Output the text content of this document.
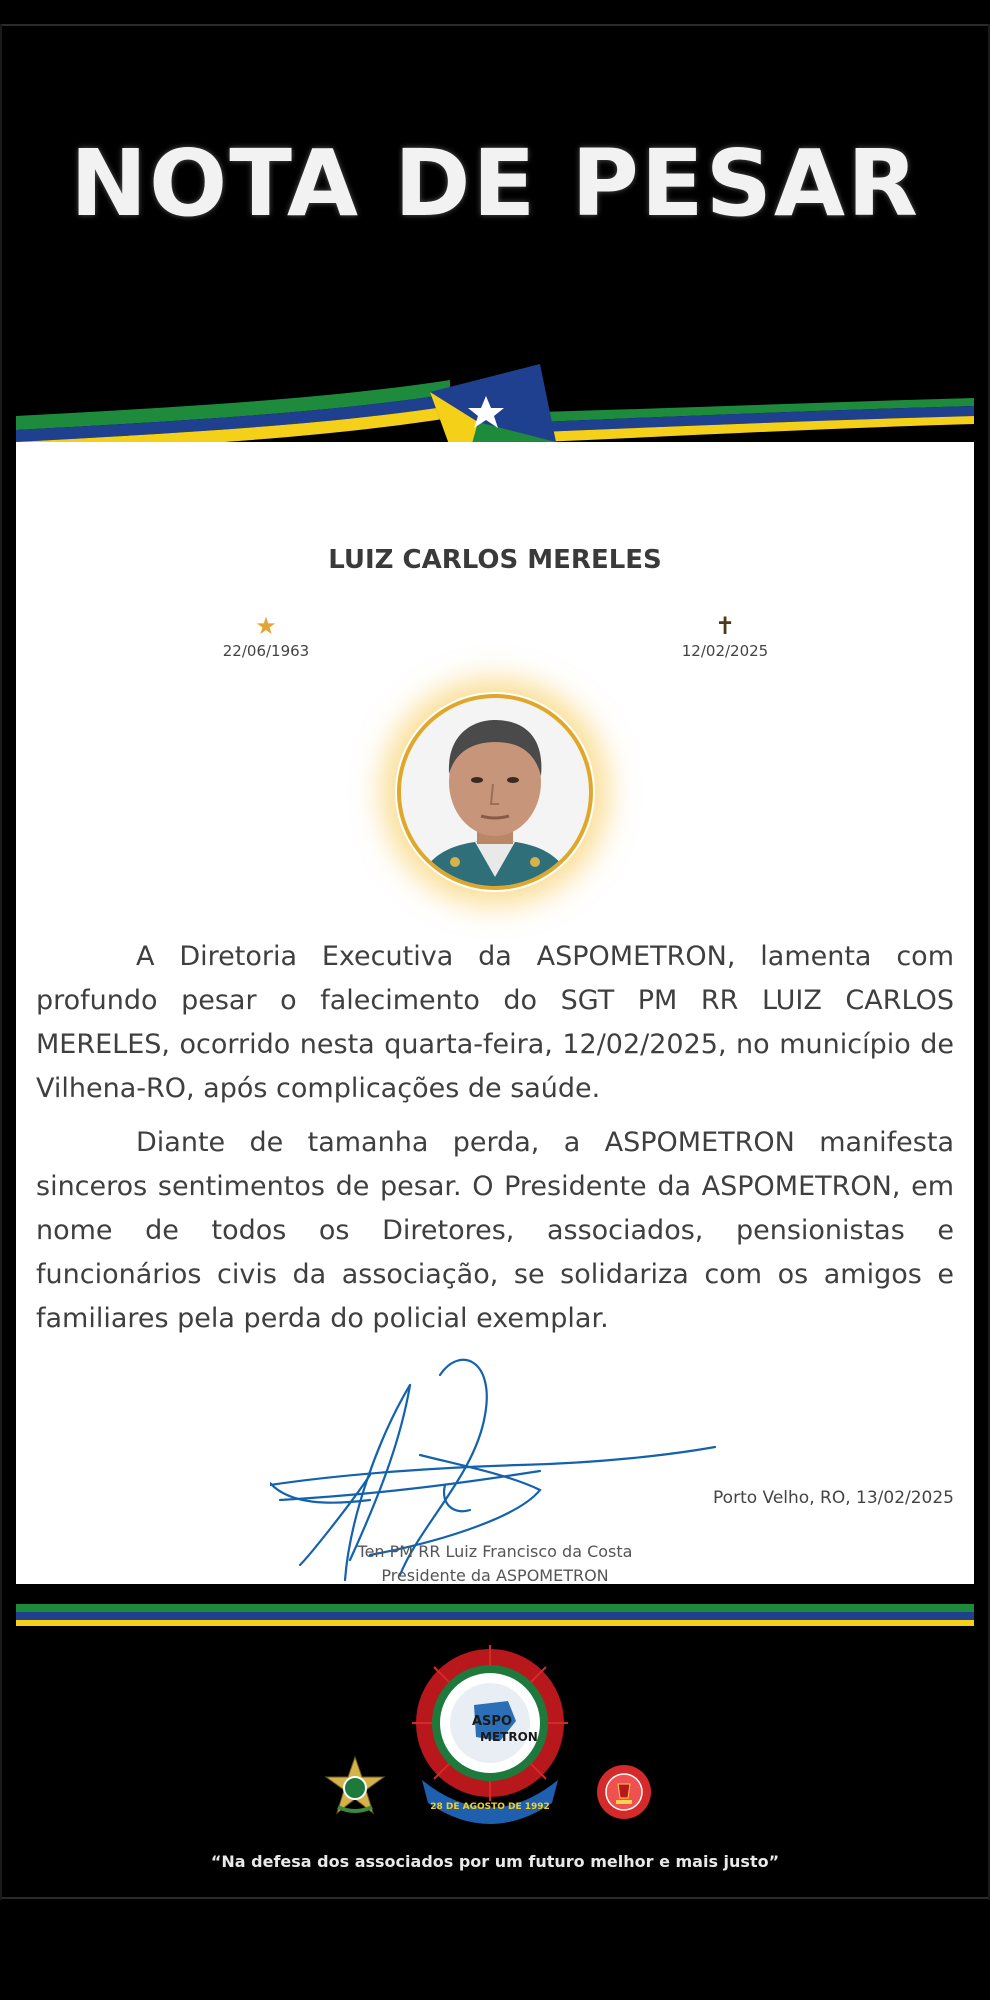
NOTA DE PESAR
LUIZ CARLOS MERELES
★
22/06/1963
✝
12/02/2025

A Diretoria Executiva da ASPOMETRON, lamenta com profundo pesar o falecimento do SGT PM RR LUIZ CARLOS MERELES, ocorrido nesta quarta-feira, 12/02/2025, no município de Vilhena-RO, após complicações de saúde.

Diante de tamanha perda, a ASPOMETRON manifesta sinceros sentimentos de pesar. O Presidente da ASPOMETRON, em nome de todos os Diretores, associados, pensionistas e funcionários civis da associação, se solidariza com os amigos e familiares pela perda do policial exemplar.

Porto Velho, RO, 13/02/2025
Ten PM RR Luiz Francisco da Costa
Presidente da ASPOMETRON
ASPO
METRON
28 DE AGOSTO DE 1992
“Na defesa dos associados por um futuro melhor e mais justo”
